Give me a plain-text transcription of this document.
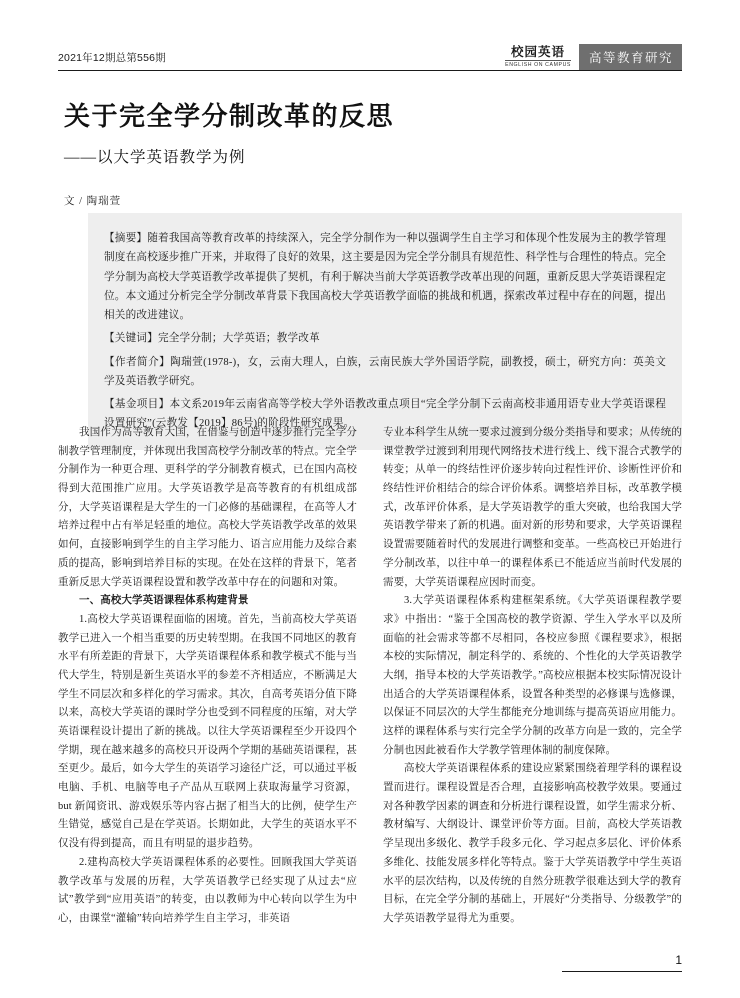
2021年12期总第556期	校园英语
ENGLISH ON CAMPUS	高等教育研究
关于完全学分制改革的反思
——以大学英语教学为例
文 / 陶瑞萱

【摘要】随着我国高等教育改革的持续深入，完全学分制作为一种以强调学生自主学习和体现个性发展为主的教学管理制度在高校逐步推广开来，并取得了良好的效果，这主要是因为完全学分制具有规范性、科学性与合理性的特点。完全学分制为高校大学英语教学改革提供了契机，有利于解决当前大学英语教学改革出现的问题，重新反思大学英语课程定位。本文通过分析完全学分制改革背景下我国高校大学英语教学面临的挑战和机遇，探索改革过程中存在的问题，提出相关的改进建议。

【关键词】完全学分制；大学英语；教学改革

【作者简介】陶瑞萱(1978-)，女，云南大理人，白族，云南民族大学外国语学院，副教授，硕士，研究方向：英美文学及英语教学研究。

【基金项目】本文系2019年云南省高等学校大学外语教改重点项目“完全学分制下云南高校非通用语专业大学英语课程设置研究”(云教发【2019】86号)的阶段性研究成果。

我国作为高等教育大国，在借鉴与创造中逐步推行完全学分制教学管理制度，并体现出我国高校学分制改革的特点。完全学分制作为一种更合理、更科学的学分制教育模式，已在国内高校得到大范围推广应用。大学英语教学是高等教育的有机组成部分，大学英语课程是大学生的一门必修的基础课程，在高等人才培养过程中占有举足轻重的地位。高校大学英语教学改革的效果如何，直接影响到学生的自主学习能力、语言应用能力及综合素质的提高，影响到培养目标的实现。在处在这样的背景下，笔者重新反思大学英语课程设置和教学改革中存在的问题和对策。

一、高校大学英语课程体系构建背景

1.高校大学英语课程面临的困境。首先，当前高校大学英语教学已进入一个相当重要的历史转型期。在我国不同地区的教育水平有所差距的背景下，大学英语课程体系和教学模式不能与当代大学生，特别是新生英语水平的参差不齐相适应，不断满足大学生不同层次和多样化的学习需求。其次，自高考英语分值下降以来，高校大学英语的课时学分也受到不同程度的压缩，对大学英语课程设计提出了新的挑战。以往大学英语课程至少开设四个学期，现在越来越多的高校只开设两个学期的基础英语课程，甚至更少。最后，如今大学生的英语学习途径广泛，可以通过平板电脑、手机、电脑等电子产品从互联网上获取海量学习资源，but 新闻资讯、游戏娱乐等内容占据了相当大的比例，使学生产生错觉，感觉自己是在学英语。长期如此，大学生的英语水平不仅没有得到提高，而且有明显的退步趋势。

2.建构高校大学英语课程体系的必要性。回顾我国大学英语教学改革与发展的历程，大学英语教学已经实现了从过去“应试”教学到“应用英语”的转变，由以教师为中心转向以学生为中心，由课堂“灌输”转向培养学生自主学习，非英语

专业本科学生从统一要求过渡到分级分类指导和要求；从传统的课堂教学过渡到利用现代网络技术进行线上、线下混合式教学的转变；从单一的终结性评价逐步转向过程性评价、诊断性评价和终结性评价相结合的综合评价体系。调整培养目标，改革教学模式，改革评价体系，是大学英语教学的重大突破，也给我国大学英语教学带来了新的机遇。面对新的形势和要求，大学英语课程设置需要随着时代的发展进行调整和变革。一些高校已开始进行学分制改革，以往中单一的课程体系已不能适应当前时代发展的需要，大学英语课程应因时而变。

3.大学英语课程体系构建框架系统。《大学英语课程教学要求》中指出：“鉴于全国高校的教学资源、学生入学水平以及所面临的社会需求等都不尽相同，各校应参照《课程要求》，根据本校的实际情况，制定科学的、系统的、个性化的大学英语教学大纲，指导本校的大学英语教学。”高校应根据本校实际情况设计出适合的大学英语课程体系，设置各种类型的必修课与选修课，以保证不同层次的大学生都能充分地训练与提高英语应用能力。这样的课程体系与实行完全学分制的改革方向是一致的，完全学分制也因此被看作大学教学管理体制的制度保障。

高校大学英语课程体系的建设应紧紧围绕着理学科的课程设置而进行。课程设置是否合理，直接影响高校教学效果。要通过对各种教学因素的调查和分析进行课程设置，如学生需求分析、教材编写、大纲设计、课堂评价等方面。目前，高校大学英语教学呈现出多级化、教学手段多元化、学习起点多层化、评价体系多维化、技能发展多样化等特点。鉴于大学英语教学中学生英语水平的层次结构，以及传统的自然分班教学很难达到大学的教育目标，在完全学分制的基础上，开展好“分类指导、分级教学”的大学英语教学显得尤为重要。

1
